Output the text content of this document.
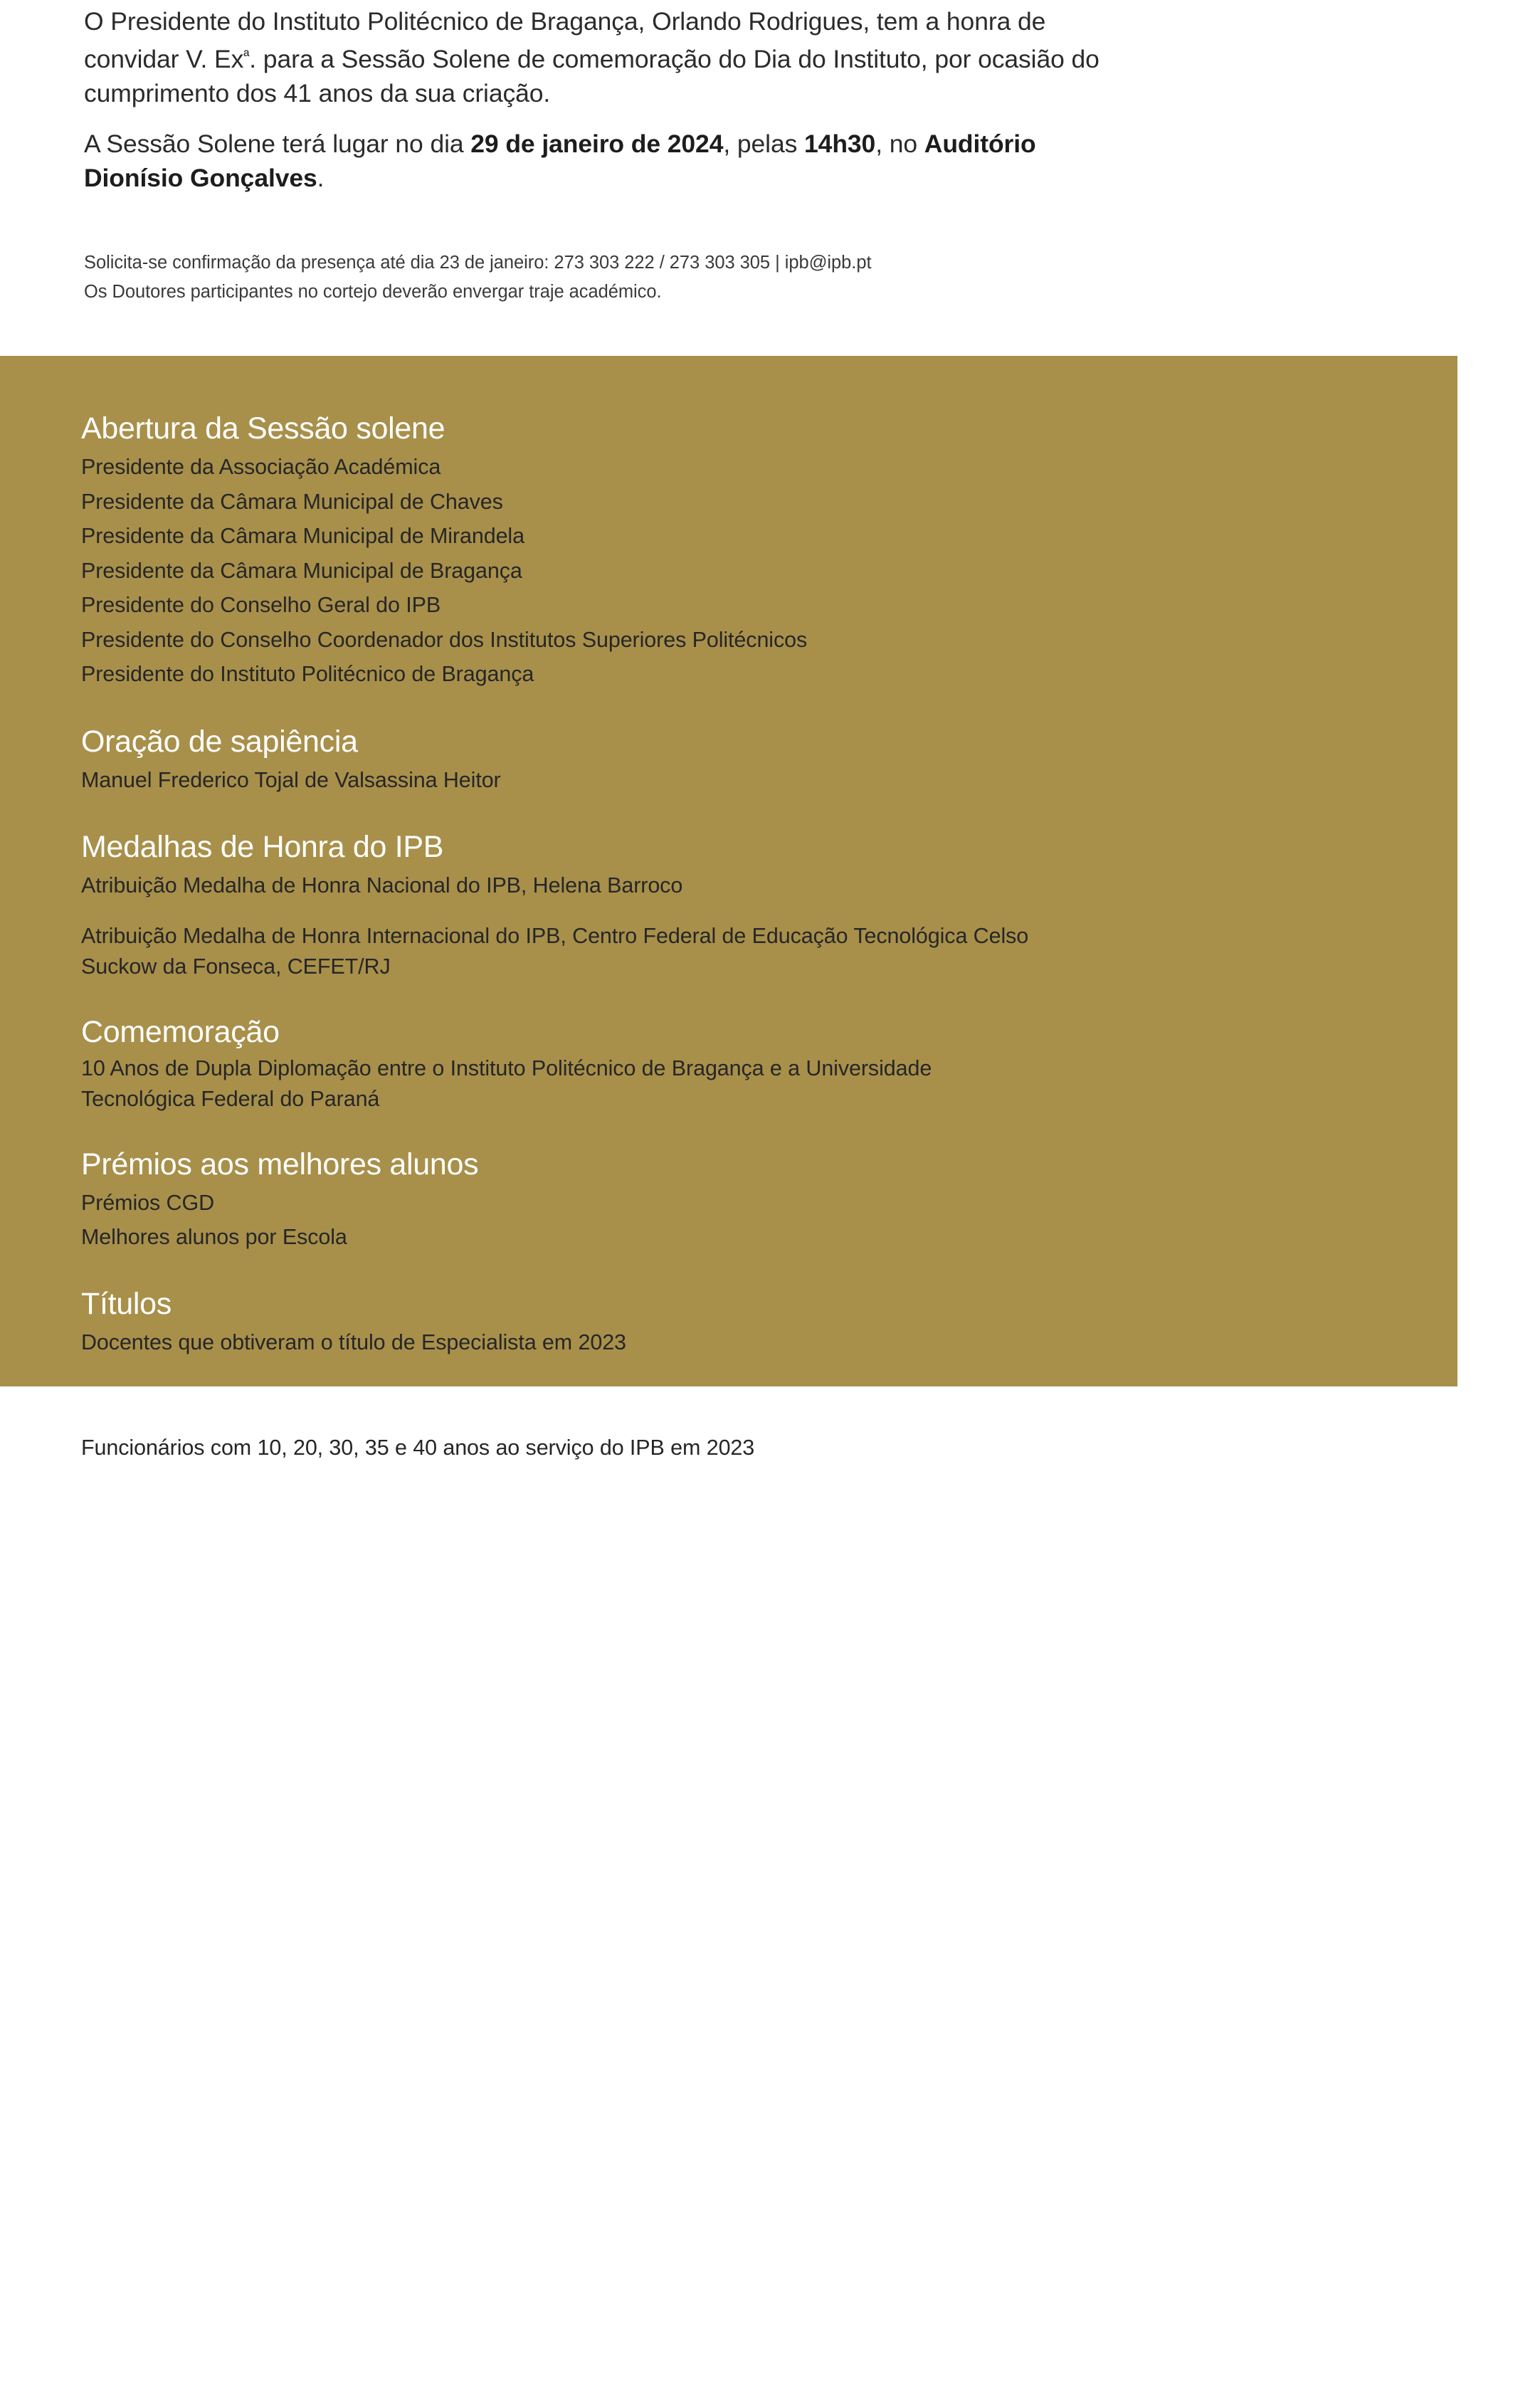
O Presidente do Instituto Politécnico de Bragança, Orlando Rodrigues, tem a honra de convidar V. $Ex^ª$. para a Sessão Solene de comemoração do Dia do Instituto, por ocasião do cumprimento dos 41 anos da sua criação.

A Sessão Solene terá lugar no dia 29 de janeiro de 2024, pelas 14h30, no Auditório Dionísio Gonçalves.

Solicita-se confirmação da presença até dia 23 de janeiro: 273 303 222 / 273 303 305 | ipb@ipb.pt
Os Doutores participantes no cortejo deverão envergar traje académico.
PROGRAMA
Abertura da Sessão solene
Presidente da Associação Académica
Presidente da Câmara Municipal de Chaves
Presidente da Câmara Municipal de Mirandela
Presidente da Câmara Municipal de Bragança
Presidente do Conselho Geral do IPB
Presidente do Conselho Coordenador dos Institutos Superiores Politécnicos
Presidente do Instituto Politécnico de Bragança
Oração de sapiência
Manuel Frederico Tojal de Valsassina Heitor
Medalhas de Honra do IPB
Atribuição Medalha de Honra Nacional do IPB, Helena Barroco
Atribuição Medalha de Honra Internacional do IPB, Centro Federal de Educação Tecnológica Celso Suckow da Fonseca, CEFET/RJ
Comemoração
10 Anos de Dupla Diplomação entre o Instituto Politécnico de Bragança e a Universidade Tecnológica Federal do Paraná
Prémios aos melhores alunos
Prémios CGD
Melhores alunos por Escola
Títulos
Docentes que obtiveram o título de Especialista em 2023
Medalhas comemorativas
Funcionários com 10, 20, 30, 35 e 40 anos ao serviço do IPB em 2023
